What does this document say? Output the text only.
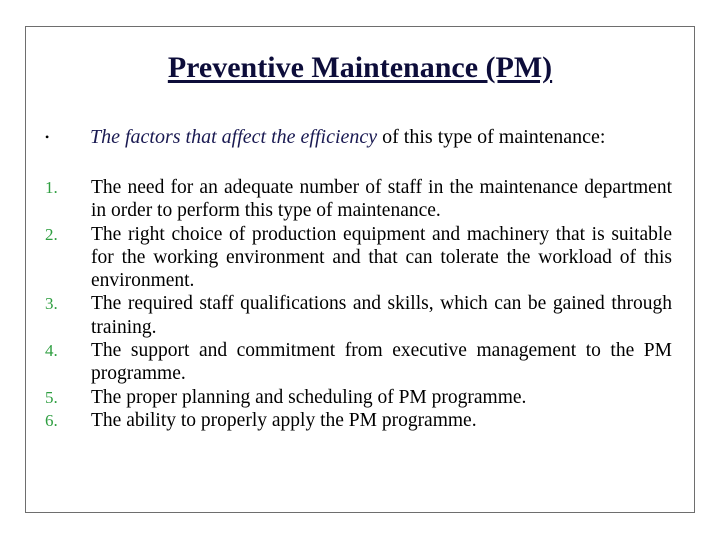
Preventive Maintenance (PM)
• The factors that affect the efficiency of this type of maintenance:
1. The need for an adequate number of staff in the maintenance department in order to perform this type of maintenance.
2. The right choice of production equipment and machinery that is suitable for the working environment and that can tolerate the workload of this environment.
3. The required staff qualifications and skills, which can be gained through training.
4. The support and commitment from executive management to the PM programme.
5. The proper planning and scheduling of PM programme.
6. The ability to properly apply the PM programme.
